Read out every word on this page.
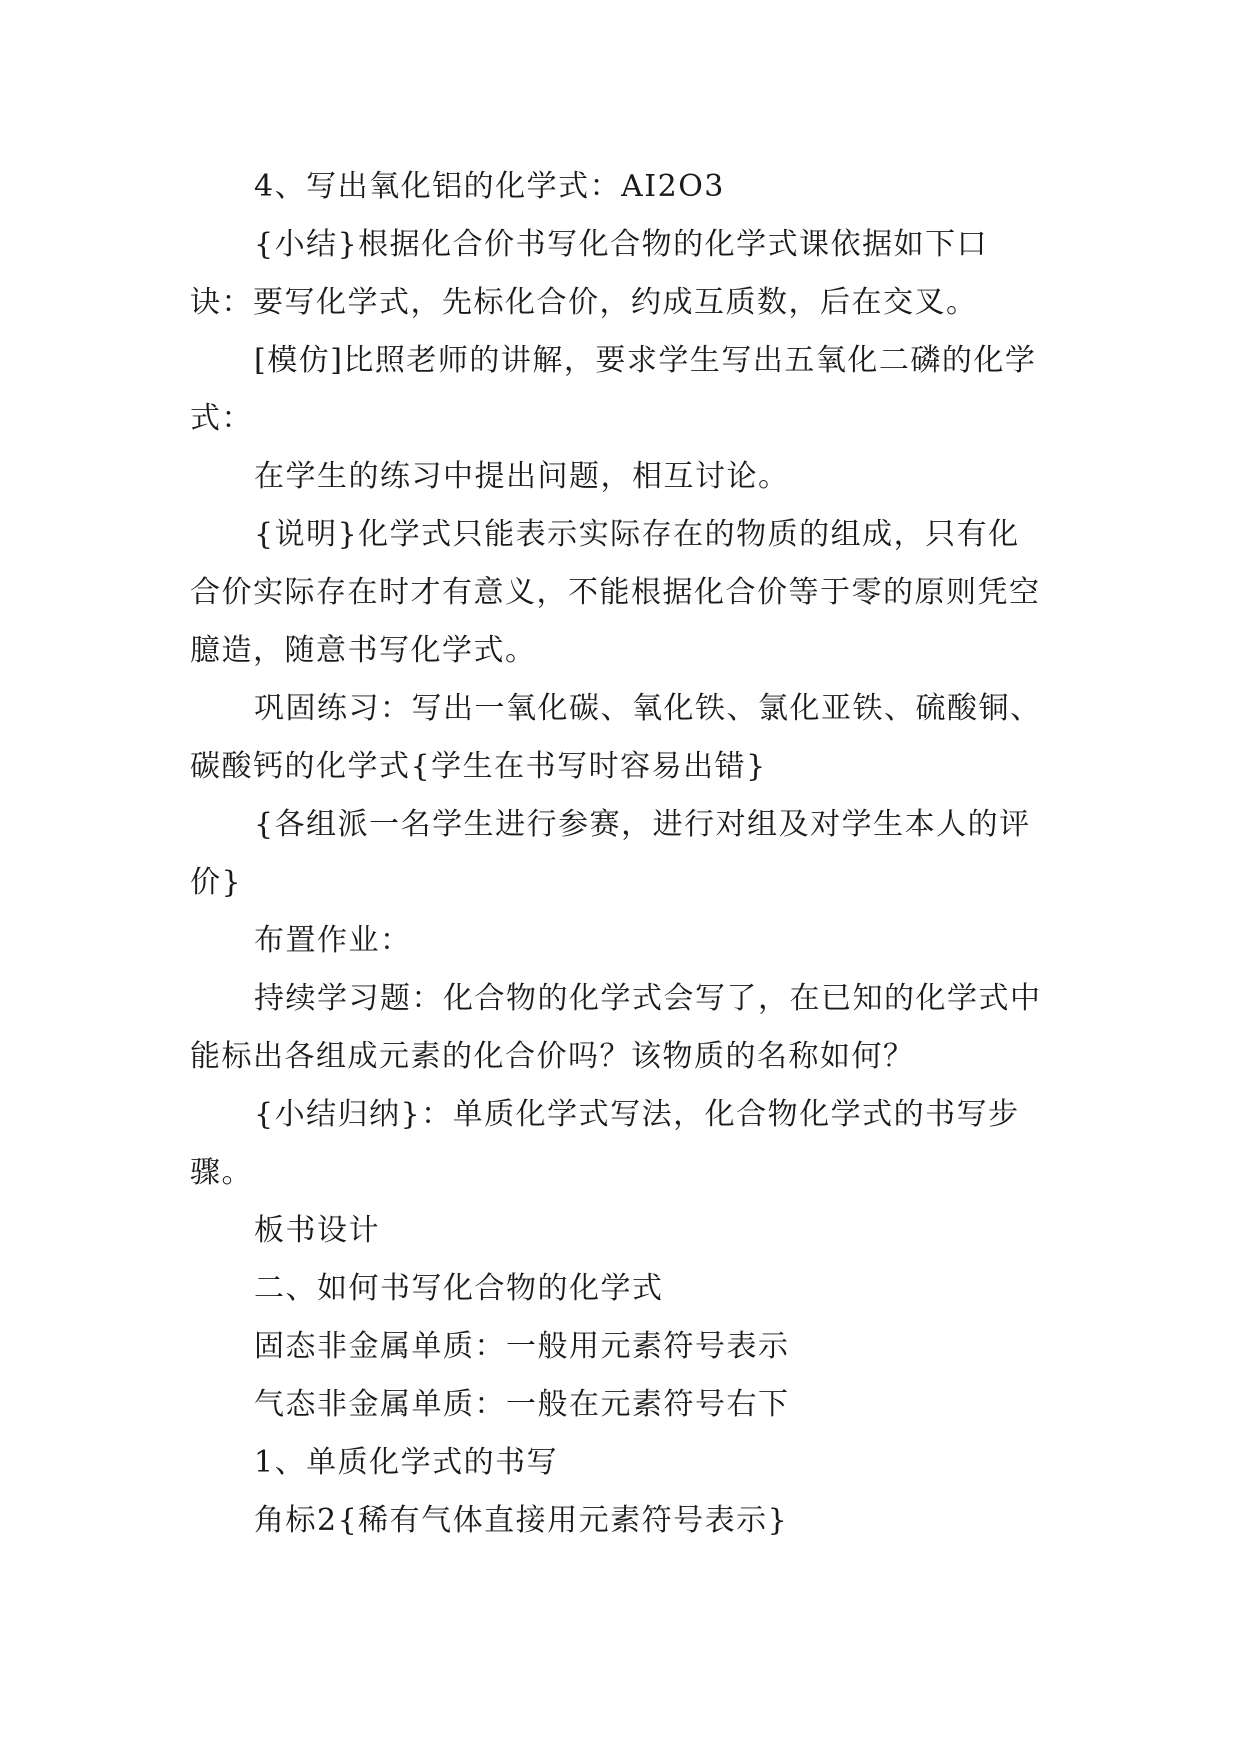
4、写出氧化铝的化学式：AI2O3

{小结}根据化合价书写化合物的化学式课依据如下口诀：要写化学式，先标化合价，约成互质数，后在交叉。

[模仿]比照老师的讲解，要求学生写出五氧化二磷的化学式：

在学生的练习中提出问题，相互讨论。

{说明}化学式只能表示实际存在的物质的组成，只有化合价实际存在时才有意义，不能根据化合价等于零的原则凭空臆造，随意书写化学式。

巩固练习：写出一氧化碳、氧化铁、氯化亚铁、硫酸铜、碳酸钙的化学式{学生在书写时容易出错}

{各组派一名学生进行参赛，进行对组及对学生本人的评价}

布置作业：

持续学习题：化合物的化学式会写了，在已知的化学式中能标出各组成元素的化合价吗？该物质的名称如何？

{小结归纳}：单质化学式写法，化合物化学式的书写步骤。

板书设计

二、如何书写化合物的化学式

固态非金属单质：一般用元素符号表示

气态非金属单质：一般在元素符号右下

1、单质化学式的书写

角标2{稀有气体直接用元素符号表示}
